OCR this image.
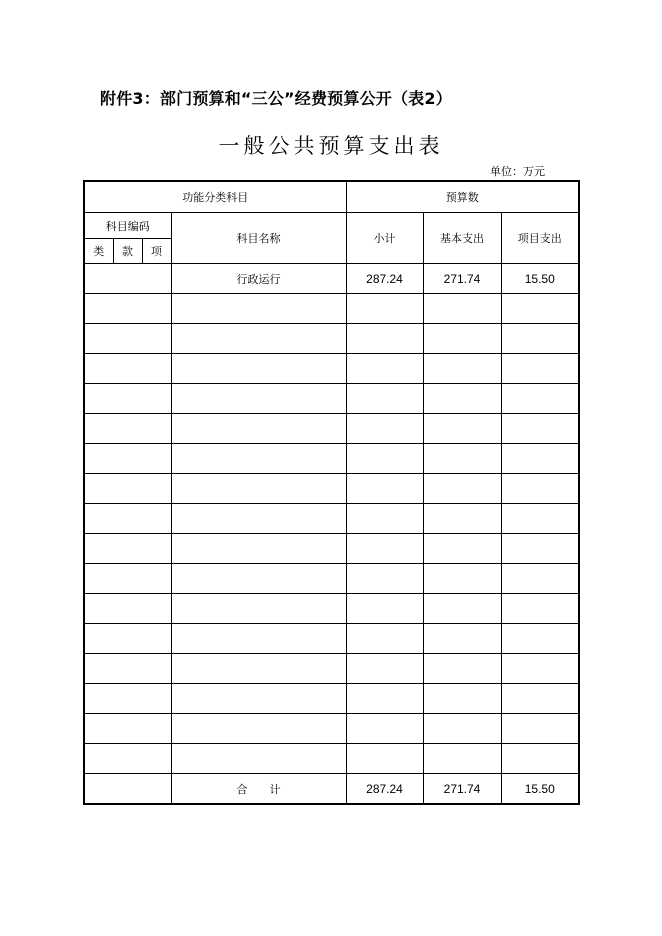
附件3：部门预算和“三公”经费预算公开（表2）
一般公共预算支出表
单位：万元
功能分类科目				预算数		
科目编码			科目名称	小计	基本支出	项目支出
类	款	项				
			行政运行	287.24	271.74	15.50

			合　　计	287.24	271.74	15.50
